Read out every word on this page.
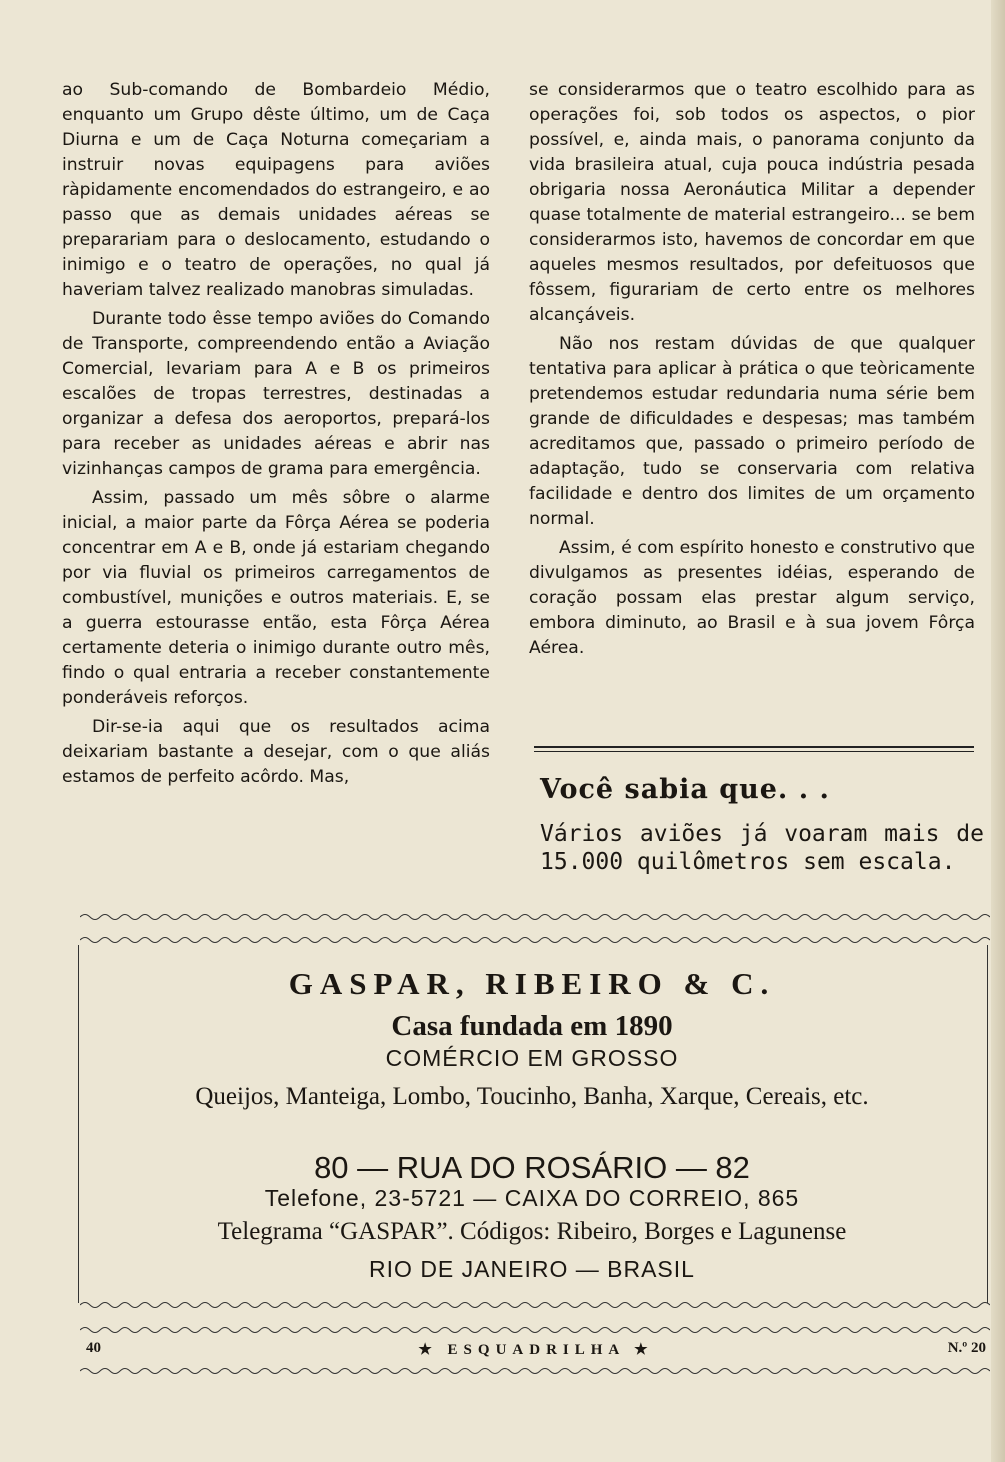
ao Sub-comando de Bombardeio Médio, enquanto um Grupo dêste último, um de Caça Diurna e um de Caça Noturna começariam a instruir novas equipagens para aviões ràpidamente encomendados do estrangeiro, e ao passo que as demais unidades aéreas se preparariam para o deslocamento, estudando o inimigo e o teatro de operações, no qual já haveriam talvez realizado manobras simuladas.

Durante todo êsse tempo aviões do Comando de Transporte, compreendendo então a Aviação Comercial, levariam para A e B os primeiros escalões de tropas terrestres, destinadas a organizar a defesa dos aeroportos, prepará-los para receber as unidades aéreas e abrir nas vizinhanças campos de grama para emergência.

Assim, passado um mês sôbre o alarme inicial, a maior parte da Fôrça Aérea se poderia concentrar em A e B, onde já estariam chegando por via fluvial os primeiros carregamentos de combustível, munições e outros materiais. E, se a guerra estourasse então, esta Fôrça Aérea certamente deteria o inimigo durante outro mês, findo o qual entraria a receber constantemente ponderáveis reforços.

Dir-se-ia aqui que os resultados acima deixariam bastante a desejar, com o que aliás estamos de perfeito acôrdo. Mas,

se considerarmos que o teatro escolhido para as operações foi, sob todos os aspectos, o pior possível, e, ainda mais, o panorama conjunto da vida brasileira atual, cuja pouca indústria pesada obrigaria nossa Aeronáutica Militar a depender quase totalmente de material estrangeiro... se bem considerarmos isto, havemos de concordar em que aqueles mesmos resultados, por defeituosos que fôssem, figurariam de certo entre os melhores alcançáveis.

Não nos restam dúvidas de que qualquer tentativa para aplicar à prática o que teòricamente pretendemos estudar redundaria numa série bem grande de dificuldades e despesas; mas também acreditamos que, passado o primeiro período de adaptação, tudo se conservaria com relativa facilidade e dentro dos limites de um orçamento normal.

Assim, é com espírito honesto e construtivo que divulgamos as presentes idéias, esperando de coração possam elas prestar algum serviço, embora diminuto, ao Brasil e à sua jovem Fôrça Aérea.

Você sabia que. . .
Vários aviões já voaram mais de 15.000 quilômetros sem escala.
GASPAR, RIBEIRO & C.
Casa fundada em 1890
COMÉRCIO EM GROSSO
Queijos, Manteiga, Lombo, Toucinho, Banha, Xarque, Cereais, etc.
80 — RUA DO ROSÁRIO — 82
Telefone, 23-5721 — CAIXA DO CORREIO, 865
Telegrama “GASPAR”. Códigos: Ribeiro, Borges e Lagunense
RIO DE JANEIRO — BRASIL
40	★ ESQUADRILHA ★	N.º 20
